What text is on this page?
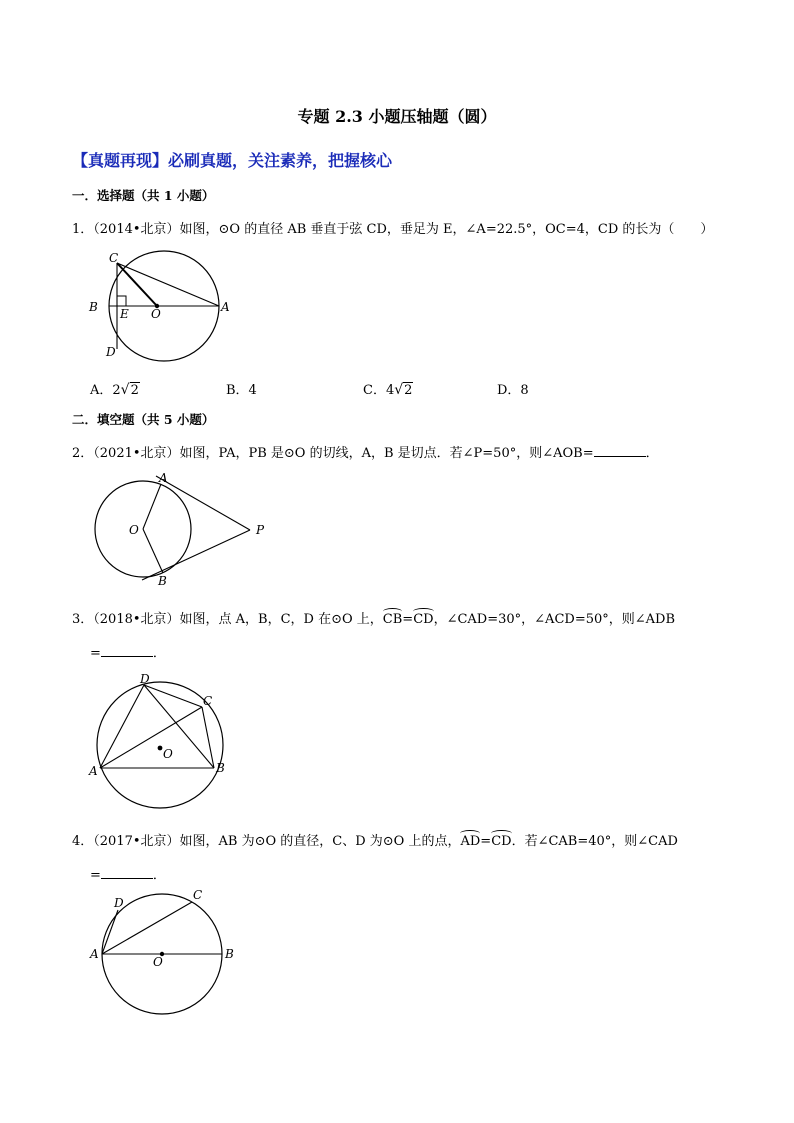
专题 2.3 小题压轴题（圆）
【真题再现】必刷真题，关注素养，把握核心
一．选择题（共 1 小题）
1．（2014•北京）如图，⊙O 的直径 AB 垂直于弦 CD，垂足为 E，∠A=22.5°，OC=4，CD 的长为（　　）
C
B E O	A
D
A．2√2	B．4	C．4√2	D．8
二．填空题（共 5 小题）
2．（2021•北京）如图，PA，PB 是⊙O 的切线，A，B 是切点．若∠P=50°，则∠AOB=	．
A
O	P
B
3．（2018•北京）如图，点 A，B，C，D 在⊙O 上，CB=CD，∠CAD=30°，∠ACD=50°，则∠ADB
=	．
D
C
O
A	B
4．（2017•北京）如图，AB 为⊙O 的直径，C、D 为⊙O 上的点，AD=CD．若∠CAB=40°，则∠CAD
=	．
D
C
A
O
B
